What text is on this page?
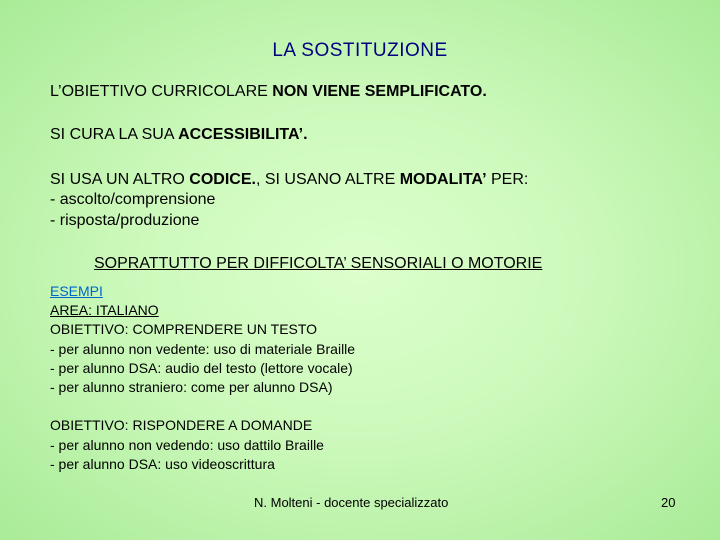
LA SOSTITUZIONE
L’OBIETTIVO CURRICOLARE NON VIENE SEMPLIFICATO.
SI CURA LA SUA ACCESSIBILITA’.
SI USA UN ALTRO CODICE., SI USANO ALTRE MODALITA’ PER:
- ascolto/comprensione
- risposta/produzione
SOPRATTUTTO PER DIFFICOLTA’ SENSORIALI O MOTORIE
ESEMPI
AREA: ITALIANO
OBIETTIVO: COMPRENDERE UN TESTO
- per alunno non vedente: uso di materiale Braille
- per alunno DSA: audio del testo (lettore vocale)
- per alunno straniero: come per alunno DSA)
OBIETTIVO: RISPONDERE A DOMANDE
- per alunno non vedendo: uso dattilo Braille
- per alunno DSA: uso videoscrittura
N. Molteni - docente specializzato	20
